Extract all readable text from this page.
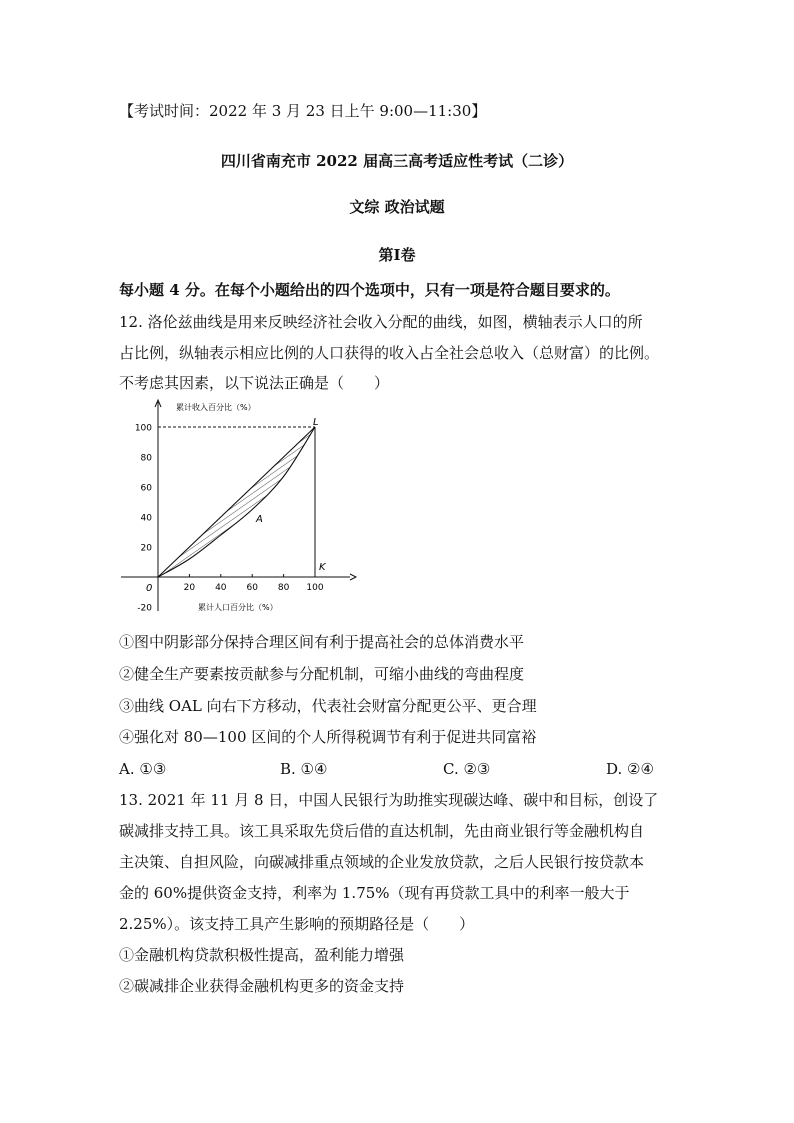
【考试时间：2022 年 3 月 23 日上午 9:00—11:30】
四川省南充市 2022 届高三高考适应性考试（二诊）
文综 政治试题
第Ⅰ卷
每小题 4 分。在每个小题给出的四个选项中，只有一项是符合题目要求的。
12. 洛伦兹曲线是用来反映经济社会收入分配的曲线，如图，横轴表示人口的所
占比例，纵轴表示相应比例的人口获得的收入占全社会总收入（总财富）的比例。
不考虑其因素，以下说法正确是（　　）
-20
20
40
60
80
100
20 40 60 80 100
累计收入百分比（%）
累计人口百分比（%）
0
L
K
A
①图中阴影部分保持合理区间有利于提高社会的总体消费水平
②健全生产要素按贡献参与分配机制，可缩小曲线的弯曲程度
③曲线 OAL 向右下方移动，代表社会财富分配更公平、更合理
④强化对 80—100 区间的个人所得税调节有利于促进共同富裕
A. ①③	B. ①④	C. ②③	D. ②④
13. 2021 年 11 月 8 日，中国人民银行为助推实现碳达峰、碳中和目标，创设了
碳减排支持工具。该工具采取先贷后借的直达机制，先由商业银行等金融机构自
主决策、自担风险，向碳减排重点领域的企业发放贷款，之后人民银行按贷款本
金的 60%提供资金支持，利率为 1.75%（现有再贷款工具中的利率一般大于
2.25%）。该支持工具产生影响的预期路径是（　　）
①金融机构贷款积极性提高，盈利能力增强
②碳减排企业获得金融机构更多的资金支持
